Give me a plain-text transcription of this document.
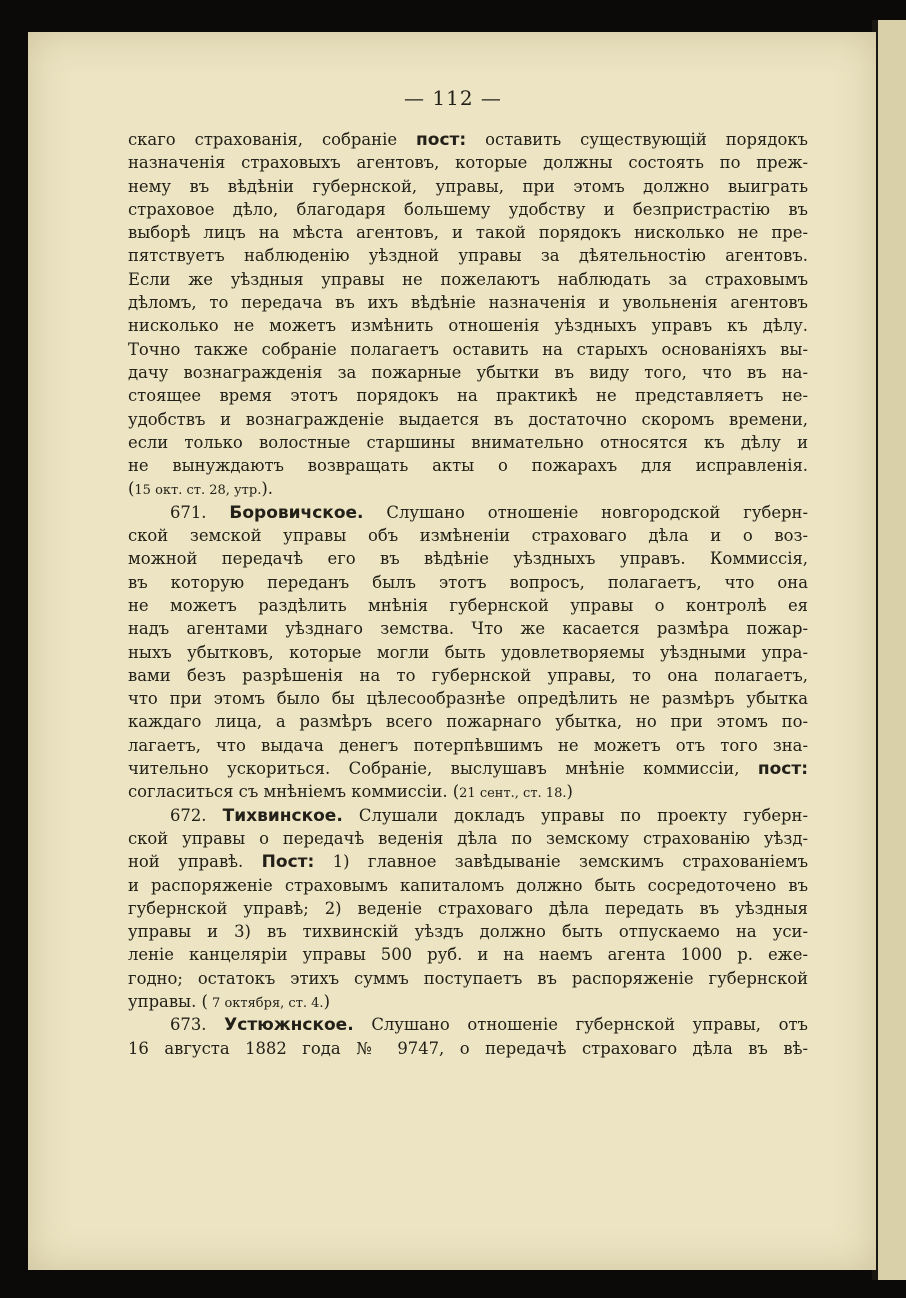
— 112 —
скаго страхованія, собраніе пост: оставить существующій порядокъ
назначенія страховыхъ агентовъ, которые должны состоять по преж-
нему въ вѣдѣніи губернской, управы, при этомъ должно выиграть
страховое дѣло, благодаря большему удобству и безпристрастію въ
выборѣ лицъ на мѣста агентовъ, и такой порядокъ нисколько не пре-
пятствуетъ наблюденію уѣздной управы за дѣятельностію агентовъ.
Если же уѣздныя управы не пожелаютъ наблюдать за страховымъ
дѣломъ, то передача въ ихъ вѣдѣніе назначенія и увольненія агентовъ
нисколько не можетъ измѣнить отношенія уѣздныхъ управъ къ дѣлу.
Точно также собраніе полагаетъ оставить на старыхъ основаніяхъ вы-
дачу вознагражденія за пожарные убытки въ виду того, что въ на-
стоящее время этотъ порядокъ на практикѣ не представляетъ не-
удобствъ и вознагражденіе выдается въ достаточно скоромъ времени,
если только волостные старшины внимательно относятся къ дѣлу и
не вынуждаютъ возвращать акты о пожарахъ для исправленія.
(15 окт. ст. 28, утр.).
671. Боровичское. Слушано отношеніе новгородской губерн-
ской земской управы объ измѣненіи страховаго дѣла и о воз-
можной передачѣ его въ вѣдѣніе уѣздныхъ управъ. Коммиссія,
въ которую переданъ былъ этотъ вопросъ, полагаетъ, что она
не можетъ раздѣлить мнѣнія губернской управы о контролѣ ея
надъ агентами уѣзднаго земства. Что же касается размѣра пожар-
ныхъ убытковъ, которые могли быть удовлетворяемы уѣздными упра-
вами безъ разрѣшенія на то губернской управы, то она полагаетъ,
что при этомъ было бы цѣлесообразнѣе опредѣлить не размѣръ убытка
каждаго лица, а размѣръ всего пожарнаго убытка, но при этомъ по-
лагаетъ, что выдача денегъ потерпѣвшимъ не можетъ отъ того зна-
чительно ускориться. Собраніе, выслушавъ мнѣніе коммиссіи, пост:
согласиться съ мнѣніемъ коммиссіи. (21 сент., ст. 18.)
672. Тихвинское. Слушали докладъ управы по проекту губерн-
ской управы о передачѣ веденія дѣла по земскому страхованію уѣзд-
ной управѣ. Пост: 1) главное завѣдываніе земскимъ страхованіемъ
и распоряженіе страховымъ капиталомъ должно быть сосредоточено въ
губернской управѣ; 2) веденіе страховаго дѣла передать въ уѣздныя
управы и 3) въ тихвинскій уѣздъ должно быть отпускаемо на уси-
леніе канцеляріи управы 500 руб. и на наемъ агента 1000 р. еже-
годно; остатокъ этихъ суммъ поступаетъ въ распоряженіе губернской
управы. ( 7 октября, ст. 4.)
673. Устюжнское. Слушано отношеніе губернской управы, отъ
16 августа 1882 года № 9747, о передачѣ страховаго дѣла въ вѣ-
